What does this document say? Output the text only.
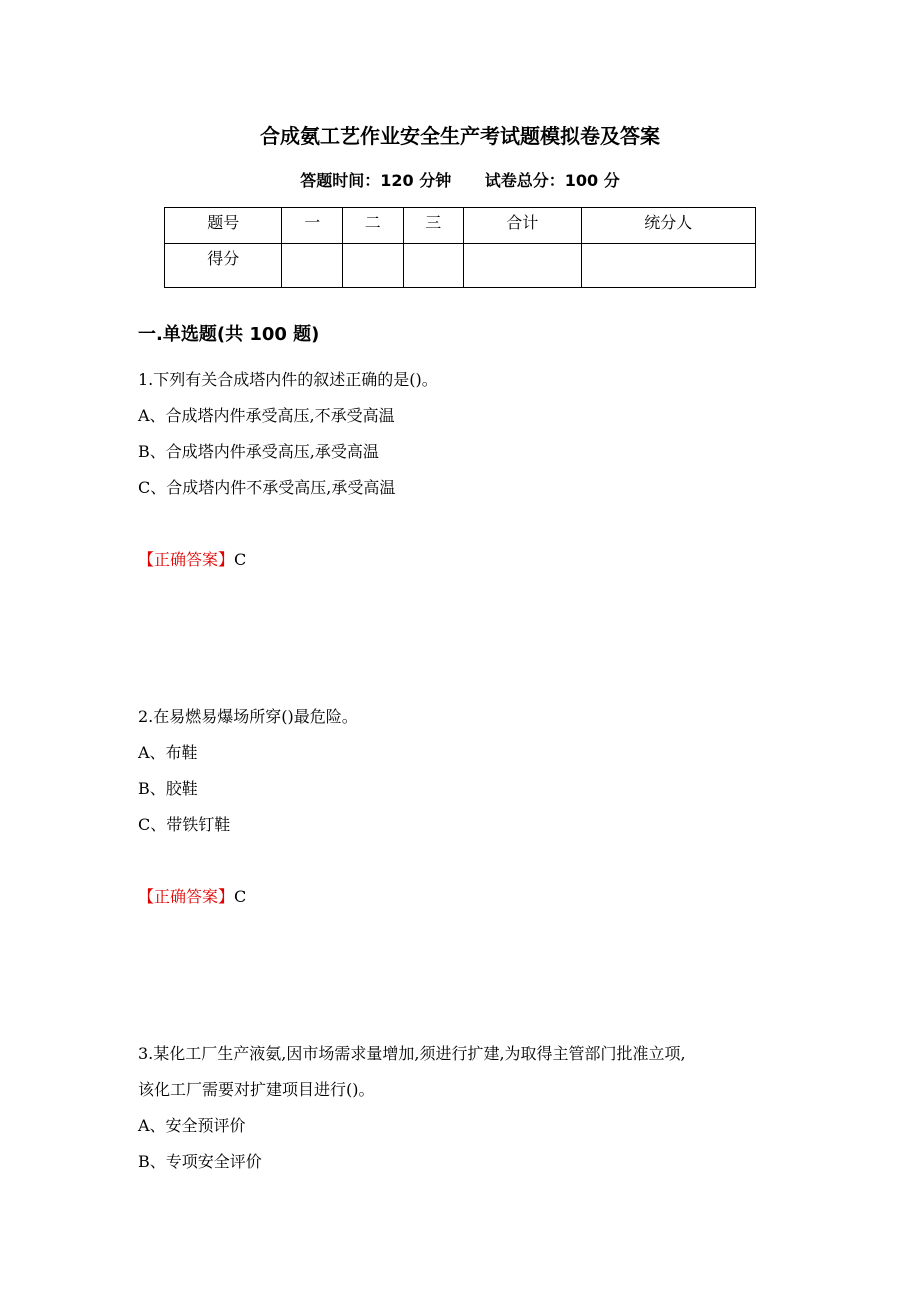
合成氨工艺作业安全生产考试题模拟卷及答案
答题时间：120 分钟 试卷总分：100 分
题号	一	二	三	合计	统分人
得分					
一.单选题(共 100 题)
1.下列有关合成塔内件的叙述正确的是()。
A、合成塔内件承受高压,不承受高温
B、合成塔内件承受高压,承受高温
C、合成塔内件不承受高压,承受高温
【正确答案】C
2.在易燃易爆场所穿()最危险。
A、布鞋
B、胶鞋
C、带铁钉鞋
【正确答案】C
3.某化工厂生产液氨,因市场需求量增加,须进行扩建,为取得主管部门批准立项,
该化工厂需要对扩建项目进行()。
A、安全预评价
B、专项安全评价
